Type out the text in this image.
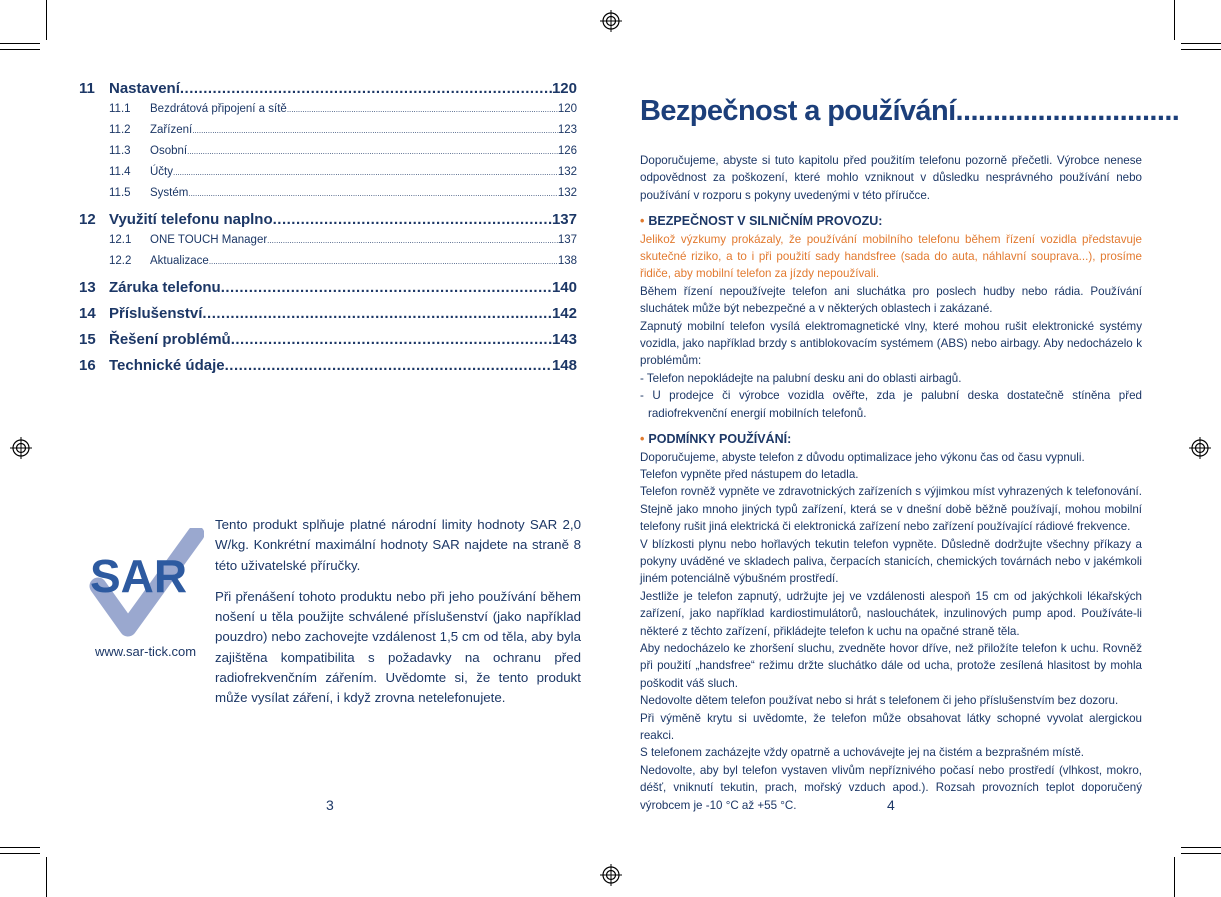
11 Nastavení .....	120
11.1	Bezdrátová připojení a sítě .....	120
11.2	Zařízení .....	123
11.3	Osobní .....	126
11.4	Účty .....	132
11.5	Systém .....	132
12 Využití telefonu naplno .....	137
12.1	ONE TOUCH Manager .....	137
12.2	Aktualizace .....	138
13 Záruka telefonu .....	140
14 Příslušenství .....	142
15 Řešení problémů .....	143
16 Technické údaje .....	148
SAR
www.sar-tick.com

Tento produkt splňuje platné národní limity hodnoty SAR 2,0 W/kg. Konkrétní maximální hodnoty SAR najdete na straně 8 této uživatelské příručky.

Při přenášení tohoto produktu nebo při jeho používání během nošení u těla použijte schválené příslušenství (jako například pouzdro) nebo zachovejte vzdálenost 1,5 cm od těla, aby byla zajištěna kompatibilita s požadavky na ochranu před radiofrekvenčním zářením. Uvědomte si, že tento produkt může vysílat záření, i když zrovna netelefonujete.

3
Bezpečnost a používání..............................

Doporučujeme, abyste si tuto kapitolu před použitím telefonu pozorně přečetli. Výrobce nenese odpovědnost za poškození, které mohlo vzniknout v důsledku nesprávného používání nebo používání v rozporu s pokyny uvedenými v této příručce.

• BEZPEČNOST V SILNIČNÍM PROVOZU:

Jelikož výzkumy prokázaly, že používání mobilního telefonu během řízení vozidla představuje skutečné riziko, a to i při použití sady handsfree (sada do auta, náhlavní souprava...), prosíme řidiče, aby mobilní telefon za jízdy nepoužívali.

Během řízení nepoužívejte telefon ani sluchátka pro poslech hudby nebo rádia. Používání sluchátek může být nebezpečné a v některých oblastech i zakázané.

Zapnutý mobilní telefon vysílá elektromagnetické vlny, které mohou rušit elektronické systémy vozidla, jako například brzdy s antiblokovacím systémem (ABS) nebo airbagy. Aby nedocházelo k problémům:

- Telefon nepokládejte na palubní desku ani do oblasti airbagů.

- U prodejce či výrobce vozidla ověřte, zda je palubní deska dostatečně stíněna před radiofrekvenční energií mobilních telefonů.

• PODMÍNKY POUŽÍVÁNÍ:

Doporučujeme, abyste telefon z důvodu optimalizace jeho výkonu čas od času vypnuli.

Telefon vypněte před nástupem do letadla.

Telefon rovněž vypněte ve zdravotnických zařízeních s výjimkou míst vyhrazených k telefonování. Stejně jako mnoho jiných typů zařízení, která se v dnešní době běžně používají, mohou mobilní telefony rušit jiná elektrická či elektronická zařízení nebo zařízení používající rádiové frekvence.

V blízkosti plynu nebo hořlavých tekutin telefon vypněte. Důsledně dodržujte všechny příkazy a pokyny uváděné ve skladech paliva, čerpacích stanicích, chemických továrnách nebo v jakémkoli jiném potenciálně výbušném prostředí.

Jestliže je telefon zapnutý, udržujte jej ve vzdálenosti alespoň 15 cm od jakýchkoli lékařských zařízení, jako například kardiostimulátorů, naslouchátek, inzulinových pump apod. Používáte-li některé z těchto zařízení, přikládejte telefon k uchu na opačné straně těla.

Aby nedocházelo ke zhoršení sluchu, zvedněte hovor dříve, než přiložíte telefon k uchu. Rovněž při použití „handsfree“ režimu držte sluchátko dále od ucha, protože zesílená hlasitost by mohla poškodit váš sluch.

Nedovolte dětem telefon používat nebo si hrát s telefonem či jeho příslušenstvím bez dozoru.

Při výměně krytu si uvědomte, že telefon může obsahovat látky schopné vyvolat alergickou reakci.

S telefonem zacházejte vždy opatrně a uchovávejte jej na čistém a bezprašném místě.

Nedovolte, aby byl telefon vystaven vlivům nepříznivého počasí nebo prostředí (vlhkost, mokro, déšť, vniknutí tekutin, prach, mořský vzduch apod.). Rozsah provozních teplot doporučený výrobcem je -10 °C až +55 °C.	4
